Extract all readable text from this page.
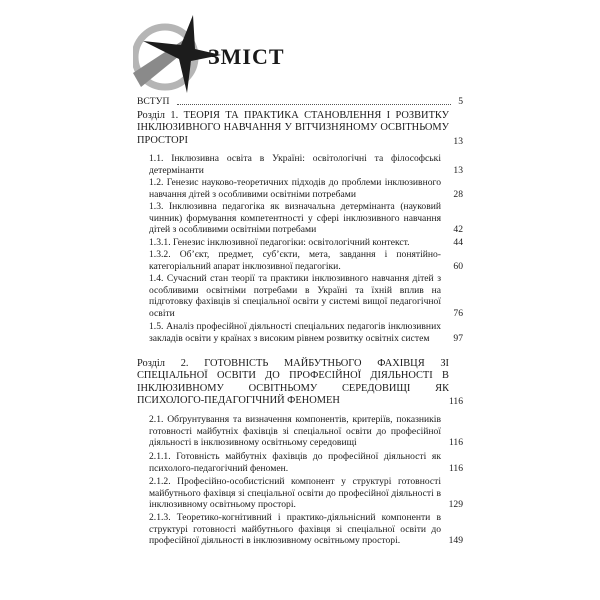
ЗМІСТ
ВСТУП	5
Розділ 1. ТЕОРІЯ ТА ПРАКТИКА СТАНОВЛЕННЯ І РОЗВИТКУ ІНКЛЮЗИВНОГО НАВЧАННЯ У ВІТЧИЗНЯНОМУ ОСВІТНЬОМУ ПРОСТОРІ	13
1.1. Інклюзивна освіта в Україні: освітологічні та філософські детермінанти	13
1.2. Генезис науково-теоретичних підходів до проблеми інклюзивного навчання дітей з особливими освітніми потребами	28
1.3. Інклюзивна педагогіка як визначальна детермінанта (науковий чинник) формування компетентності у сфері інклюзивного навчання дітей з особливими освітніми потребами	42
1.3.1. Генезис інклюзивної педагогіки: освітологічний контекст.	44
1.3.2. Об’єкт, предмет, суб’єкти, мета, завдання і понятійно-категоріальний апарат інклюзивної педагогіки.	60
1.4. Сучасний стан теорії та практики інклюзивного навчання дітей з особливими освітніми потребами в Україні та їхній вплив на підготовку фахівців зі спеціальної освіти у системі вищої педагогічної освіти	76
1.5. Аналіз професійної діяльності спеціальних педагогів інклюзивних закладів освіти у країнах з високим рівнем розвитку освітніх систем	97
Розділ 2. ГОТОВНІСТЬ МАЙБУТНЬОГО ФАХІВЦЯ ЗІ СПЕЦІАЛЬНОЇ ОСВІТИ ДО ПРОФЕСІЙНОЇ ДІЯЛЬНОСТІ В ІНКЛЮЗИВНОМУ ОСВІТНЬОМУ СЕРЕДОВИЩІ ЯК ПСИХОЛОГО-ПЕДАГОГІЧНИЙ ФЕНОМЕН	116
2.1. Обґрунтування та визначення компонентів, критеріїв, показників готовності майбутніх фахівців зі спеціальної освіти до професійної діяльності в інклюзивному освітньому середовищі	116
2.1.1. Готовність майбутніх фахівців до професійної діяльності як психолого-педагогічний феномен.	116
2.1.2. Професійно-особистісний компонент у структурі готовності майбутнього фахівця зі спеціальної освіти до професійної діяльності в інклюзивному освітньому просторі.	129
2.1.3. Теоретико-когнітивний і практико-діяльнісний компоненти в структурі готовності майбутнього фахівця зі спеціальної освіти до професійної діяльності в інклюзивному освітньому просторі.	149
